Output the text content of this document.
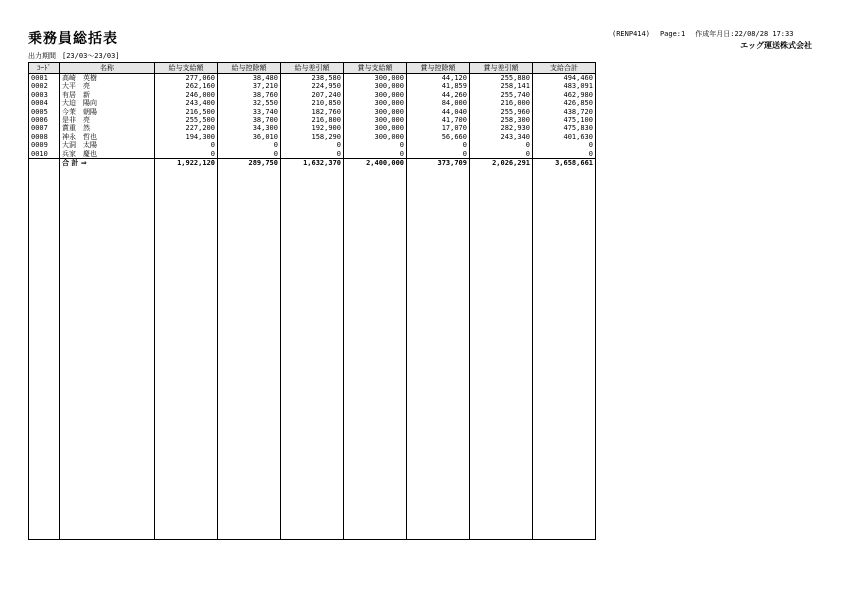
乗務員総括表	(RENP414) Page:1 作成年月日:22/08/28 17:33
エッグ運送株式会社
出力期間 [23/03～23/03]
ｺｰﾄﾞ	名称	給与支給額	給与控除額	給与差引額	賞与支給額	賞与控除額	賞与差引額	支給合計
0001	高崎　英樹	277,060	38,480	238,580	300,000	44,120	255,880	494,460
0002	大平　亮	262,160	37,210	224,950	300,000	41,859	258,141	483,091
0003	有居　新	246,000	38,760	207,240	300,000	44,260	255,740	462,980
0004	大迫　陽向	243,400	32,550	210,850	300,000	84,000	216,000	426,850
0005	今茉　朝陽	216,500	33,740	182,760	300,000	44,040	255,960	438,720
0006	是非　亮	255,500	38,700	216,800	300,000	41,700	258,300	475,100
0007	賞重　然	227,200	34,300	192,900	300,000	17,070	282,930	475,830
0008	神永　哲也	194,300	36,010	158,290	300,000	56,660	243,340	401,630
0009	大洞　太陽	0	0	0	0	0	0	0
0010	兵家　慶也	0	0	0	0	0	0	0
	合 計 ⇒	1,922,120	289,750	1,632,370	2,400,000	373,709	2,026,291	3,658,661
